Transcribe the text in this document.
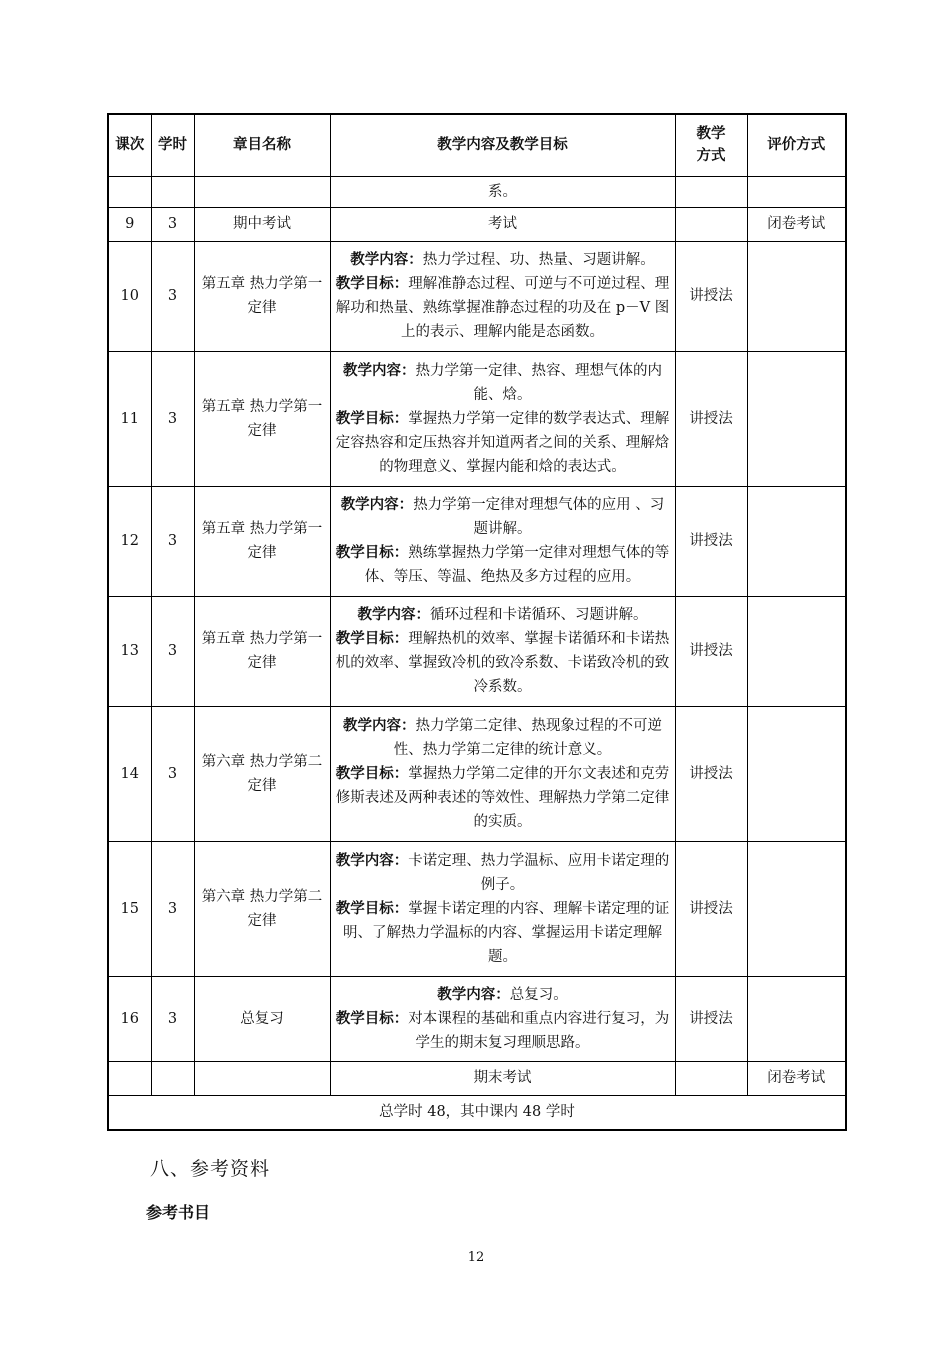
课次	学时	章目名称	教学内容及教学目标	教学方式	评价方式
			系。		
9	3	期中考试	考试		闭卷考试
10	3	第五章 热力学第一定律	教学内容：热力学过程、功、热量、习题讲解。
教学目标：理解准静态过程、可逆与不可逆过程、理解功和热量、熟练掌握准静态过程的功及在 p－V 图上的表示、理解内能是态函数。	讲授法	
11	3	第五章 热力学第一定律	教学内容：热力学第一定律、热容、理想气体的内能、焓。
教学目标：掌握热力学第一定律的数学表达式、理解定容热容和定压热容并知道两者之间的关系、理解焓的物理意义、掌握内能和焓的表达式。	讲授法	
12	3	第五章 热力学第一定律	教学内容：热力学第一定律对理想气体的应用 、习题讲解。
教学目标：熟练掌握热力学第一定律对理想气体的等体、等压、等温、绝热及多方过程的应用。	讲授法	
13	3	第五章 热力学第一定律	教学内容：循环过程和卡诺循环、习题讲解。
教学目标：理解热机的效率、掌握卡诺循环和卡诺热机的效率、掌握致冷机的致冷系数、卡诺致冷机的致冷系数。	讲授法	
14	3	第六章 热力学第二定律	教学内容：热力学第二定律、热现象过程的不可逆性、热力学第二定律的统计意义。
教学目标：掌握热力学第二定律的开尔文表述和克劳修斯表述及两种表述的等效性、理解热力学第二定律的实质。	讲授法	
15	3	第六章 热力学第二定律	教学内容：卡诺定理、热力学温标、应用卡诺定理的例子。
教学目标：掌握卡诺定理的内容、理解卡诺定理的证明、了解热力学温标的内容、掌握运用卡诺定理解题。	讲授法	
16	3	总复习	教学内容：总复习。
教学目标：对本课程的基础和重点内容进行复习，为学生的期末复习理顺思路。	讲授法	
			期末考试		闭卷考试
总学时 48，其中课内 48 学时					
八、参考资料
参考书目
12
